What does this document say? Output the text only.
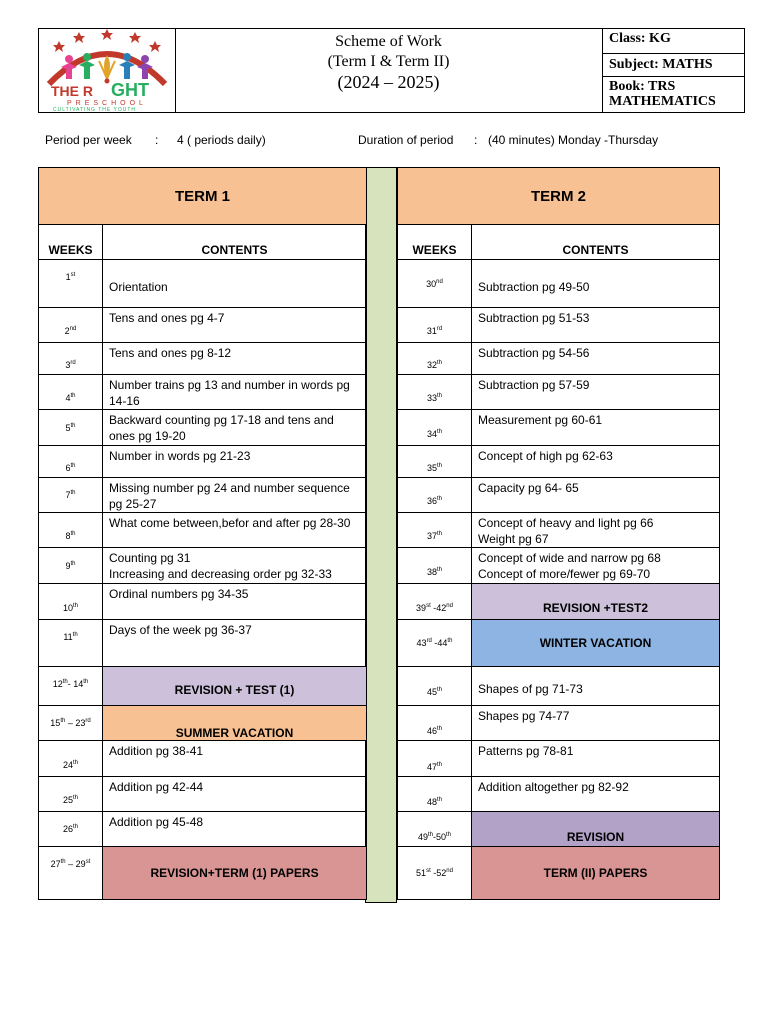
THE R GHT
PRESCHOOL
CULTIVATING THE YOUTH
Scheme of Work
(Term I & Term II)
(2024 – 2025)
Class: KG
Subject: MATHS
Book: TRS MATHEMATICS
Period per week : 4 ( periods daily)	Duration of period : (40 minutes) Monday -Thursday
TERM 1	
WEEKS	CONTENTS
1st	Orientation
2nd	Tens and ones pg 4-7
3rd	Tens and ones pg 8-12
4th	Number trains pg 13 and number in words pg 14-16
5th	Backward counting pg 17-18 and tens and ones pg 19-20
6th	Number in words pg 21-23
7th	Missing number pg 24 and number sequence pg 25-27
8th	What come between,befor and after pg 28-30
9th	Counting pg 31
Increasing and decreasing order pg 32-33

10th	Ordinal numbers pg 34-35
11th	Days of the week pg 36-37
12th- 14th	REVISION + TEST (1)
15th – 23rd	SUMMER VACATION
24th	Addition pg 38-41
25th	Addition pg 42-44
26th	Addition pg 45-48
27th – 29st	REVISION+TERM (1) PAPERS
TERM 2	
WEEKS	CONTENTS
30nd	Subtraction pg 49-50
31rd	Subtraction pg 51-53
32th	Subtraction pg 54-56
33th	Subtraction pg 57-59
34th	Measurement pg 60-61
35th	Concept of high pg 62-63
36th	Capacity pg 64- 65
37th	Concept of heavy and light pg 66
Weight pg 67

38th	Concept of wide and narrow pg 68
Concept of more/fewer pg 69-70

39st -42nd	REVISION +TEST2
43rd -44th	WINTER VACATION
45th	Shapes of pg 71-73
46th	Shapes pg 74-77
47th	Patterns pg 78-81
48th	Addition altogether pg 82-92
49th-50th	REVISION
51st -52nd	TERM (II) PAPERS
